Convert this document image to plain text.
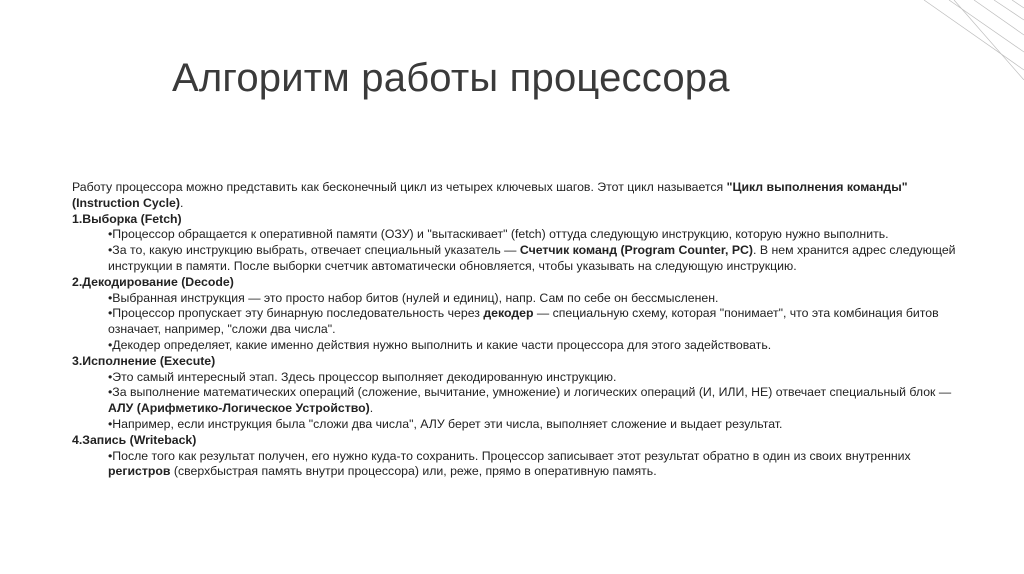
Алгоритм работы процессора

Работу процессора можно представить как бесконечный цикл из четырех ключевых шагов. Этот цикл называется "Цикл выполнения команды" (Instruction Cycle).

1.Выборка (Fetch)

•Процессор обращается к оперативной памяти (ОЗУ) и "вытаскивает" (fetch) оттуда следующую инструкцию, которую нужно выполнить.

•За то, какую инструкцию выбрать, отвечает специальный указатель — Счетчик команд (Program Counter, PC). В нем хранится адрес следующей инструкции в памяти. После выборки счетчик автоматически обновляется, чтобы указывать на следующую инструкцию.

2.Декодирование (Decode)

•Выбранная инструкция — это просто набор битов (нулей и единиц), напр. Сам по себе он бессмысленен.

•Процессор пропускает эту бинарную последовательность через декодер — специальную схему, которая "понимает", что эта комбинация битов означает, например, "сложи два числа".

•Декодер определяет, какие именно действия нужно выполнить и какие части процессора для этого задействовать.

3.Исполнение (Execute)

•Это самый интересный этап. Здесь процессор выполняет декодированную инструкцию.

•За выполнение математических операций (сложение, вычитание, умножение) и логических операций (И, ИЛИ, НЕ) отвечает специальный блок — АЛУ (Арифметико-Логическое Устройство).

•Например, если инструкция была "сложи два числа", АЛУ берет эти числа, выполняет сложение и выдает результат.

4.Запись (Writeback)

•После того как результат получен, его нужно куда-то сохранить. Процессор записывает этот результат обратно в один из своих внутренних регистров (сверхбыстрая память внутри процессора) или, реже, прямо в оперативную память.
